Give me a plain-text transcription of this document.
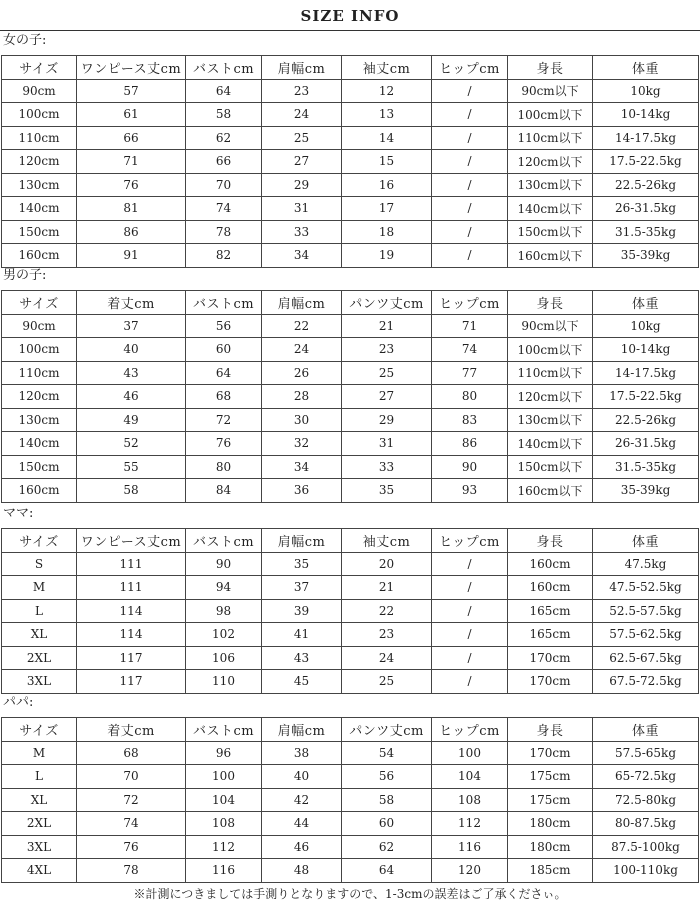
SIZE INFO
女の子:
サイズ	ワンピース丈cm	バストcm	肩幅cm	袖丈cm	ヒップcm	身長	体重
90cm	57	64	23	12	/	90cm以下	10kg
100cm	61	58	24	13	/	100cm以下	10-14kg
110cm	66	62	25	14	/	110cm以下	14-17.5kg
120cm	71	66	27	15	/	120cm以下	17.5-22.5kg
130cm	76	70	29	16	/	130cm以下	22.5-26kg
140cm	81	74	31	17	/	140cm以下	26-31.5kg
150cm	86	78	33	18	/	150cm以下	31.5-35kg
160cm	91	82	34	19	/	160cm以下	35-39kg
男の子:
サイズ	着丈cm	バストcm	肩幅cm	パンツ丈cm	ヒップcm	身長	体重
90cm	37	56	22	21	71	90cm以下	10kg
100cm	40	60	24	23	74	100cm以下	10-14kg
110cm	43	64	26	25	77	110cm以下	14-17.5kg
120cm	46	68	28	27	80	120cm以下	17.5-22.5kg
130cm	49	72	30	29	83	130cm以下	22.5-26kg
140cm	52	76	32	31	86	140cm以下	26-31.5kg
150cm	55	80	34	33	90	150cm以下	31.5-35kg
160cm	58	84	36	35	93	160cm以下	35-39kg
ママ:
サイズ	ワンピース丈cm	バストcm	肩幅cm	袖丈cm	ヒップcm	身長	体重
S	111	90	35	20	/	160cm	47.5kg
M	111	94	37	21	/	160cm	47.5-52.5kg
L	114	98	39	22	/	165cm	52.5-57.5kg
XL	114	102	41	23	/	165cm	57.5-62.5kg
2XL	117	106	43	24	/	170cm	62.5-67.5kg
3XL	117	110	45	25	/	170cm	67.5-72.5kg
パパ:
サイズ	着丈cm	バストcm	肩幅cm	パンツ丈cm	ヒップcm	身長	体重
M	68	96	38	54	100	170cm	57.5-65kg
L	70	100	40	56	104	175cm	65-72.5kg
XL	72	104	42	58	108	175cm	72.5-80kg
2XL	74	108	44	60	112	180cm	80-87.5kg
3XL	76	112	46	62	116	180cm	87.5-100kg
4XL	78	116	48	64	120	185cm	100-110kg
※計測につきましては手測りとなりますので、1-3cmの誤差はご了承くださぃ。
